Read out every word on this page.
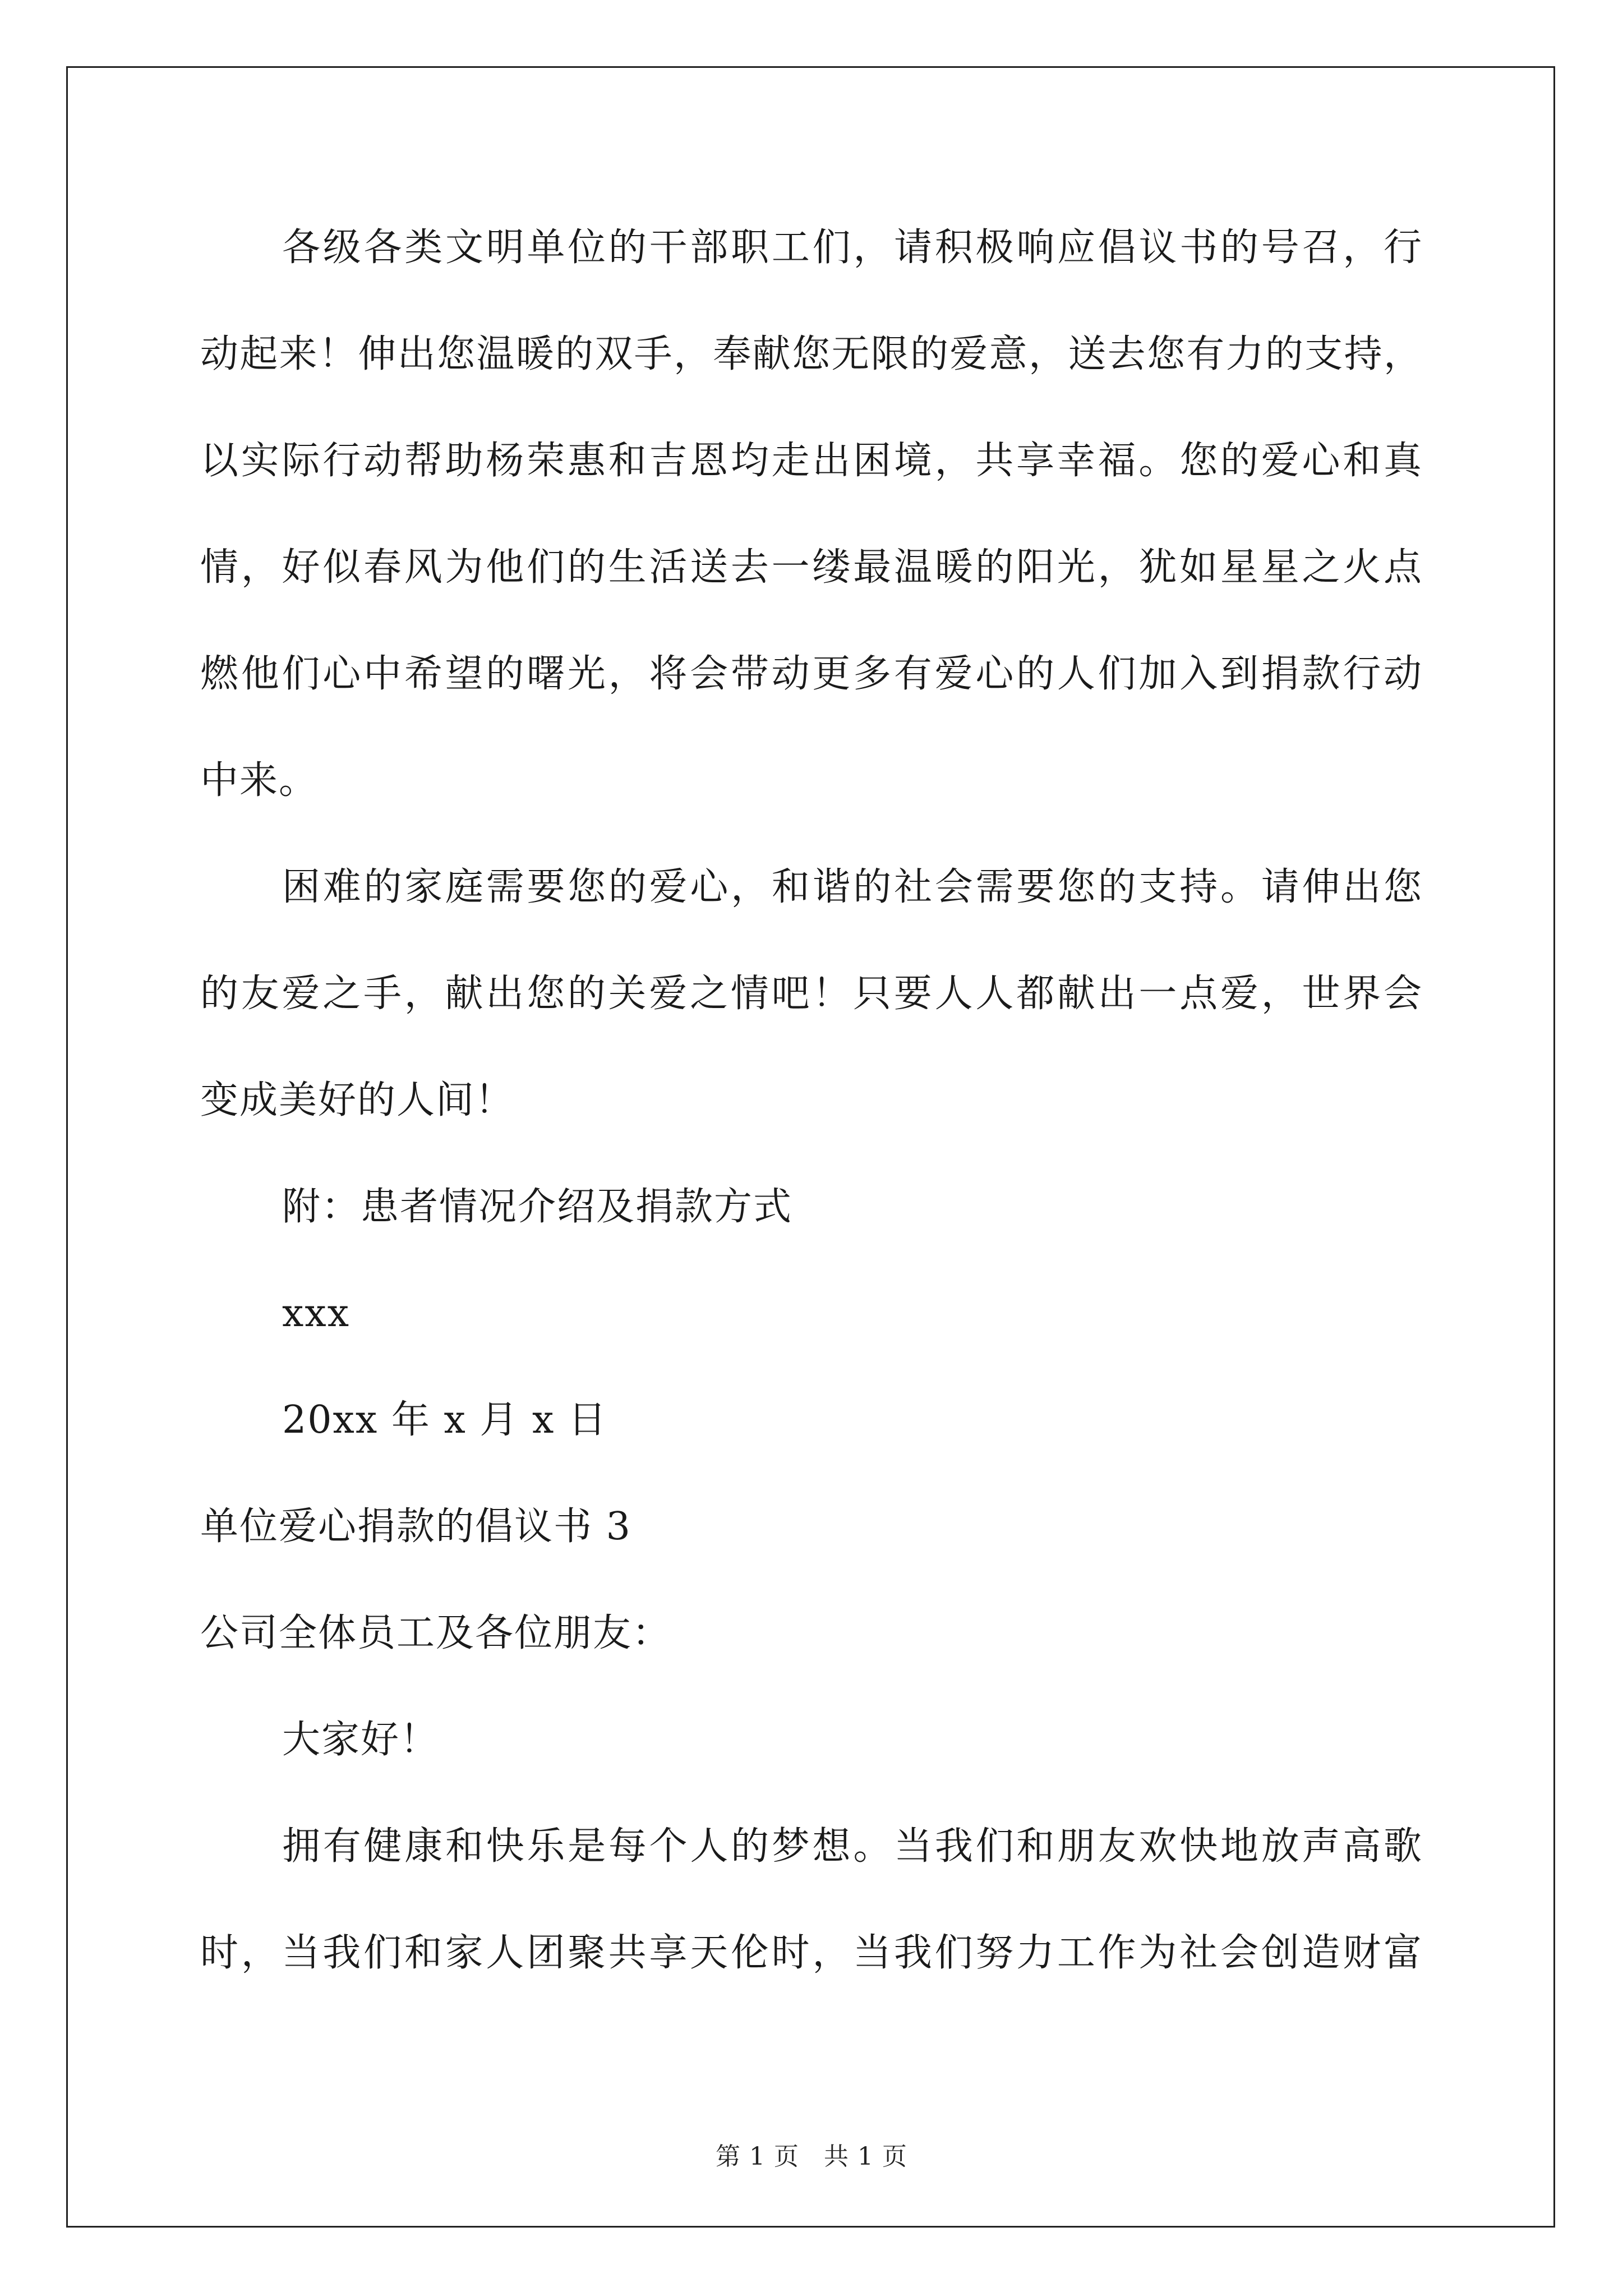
各级各类文明单位的干部职工们，请积极响应倡议书的号召，行
动起来！伸出您温暖的双手，奉献您无限的爱意，送去您有力的支持，
以实际行动帮助杨荣惠和吉恩均走出困境，共享幸福。您的爱心和真
情，好似春风为他们的生活送去一缕最温暖的阳光，犹如星星之火点
燃他们心中希望的曙光，将会带动更多有爱心的人们加入到捐款行动
中来。
困难的家庭需要您的爱心，和谐的社会需要您的支持。请伸出您
的友爱之手，献出您的关爱之情吧！只要人人都献出一点爱，世界会
变成美好的人间！
附：患者情况介绍及捐款方式
xxx
20xx 年 x 月 x 日
单位爱心捐款的倡议书 3
公司全体员工及各位朋友：
大家好！
拥有健康和快乐是每个人的梦想。当我们和朋友欢快地放声高歌
时，当我们和家人团聚共享天伦时，当我们努力工作为社会创造财富
第 1 页 共 1 页
